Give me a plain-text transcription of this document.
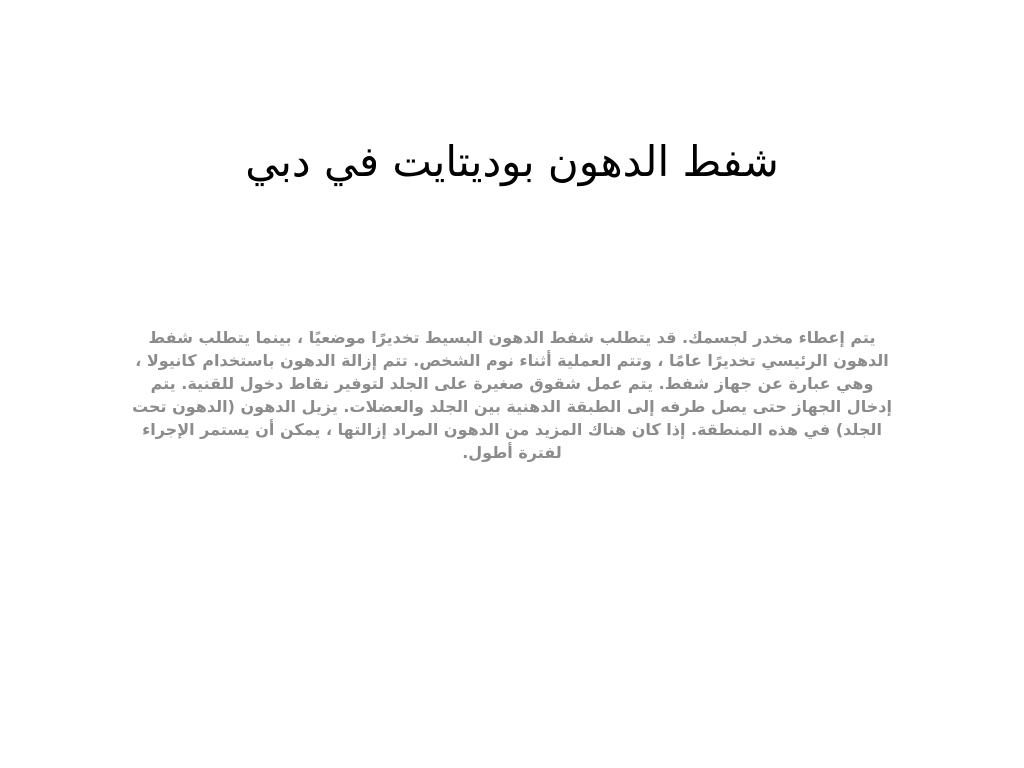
شفط الدهون بوديتايت في دبي

يتم إعطاء مخدر لجسمك. قد يتطلب شفط الدهون البسيط تخديرًا موضعيًا ، بينما يتطلب شفط الدهون الرئيسي تخديرًا عامًا ، وتتم العملية أثناء نوم الشخص. تتم إزالة الدهون باستخدام كانيولا ، وهي عبارة عن جهاز شفط. يتم عمل شقوق صغيرة على الجلد لتوفير نقاط دخول للقنية. يتم إدخال الجهاز حتى يصل طرفه إلى الطبقة الدهنية بين الجلد والعضلات. يزيل الدهون (الدهون تحت الجلد) في هذه المنطقة. إذا كان هناك المزيد من الدهون المراد إزالتها ، يمكن أن يستمر الإجراء لفترة أطول.
